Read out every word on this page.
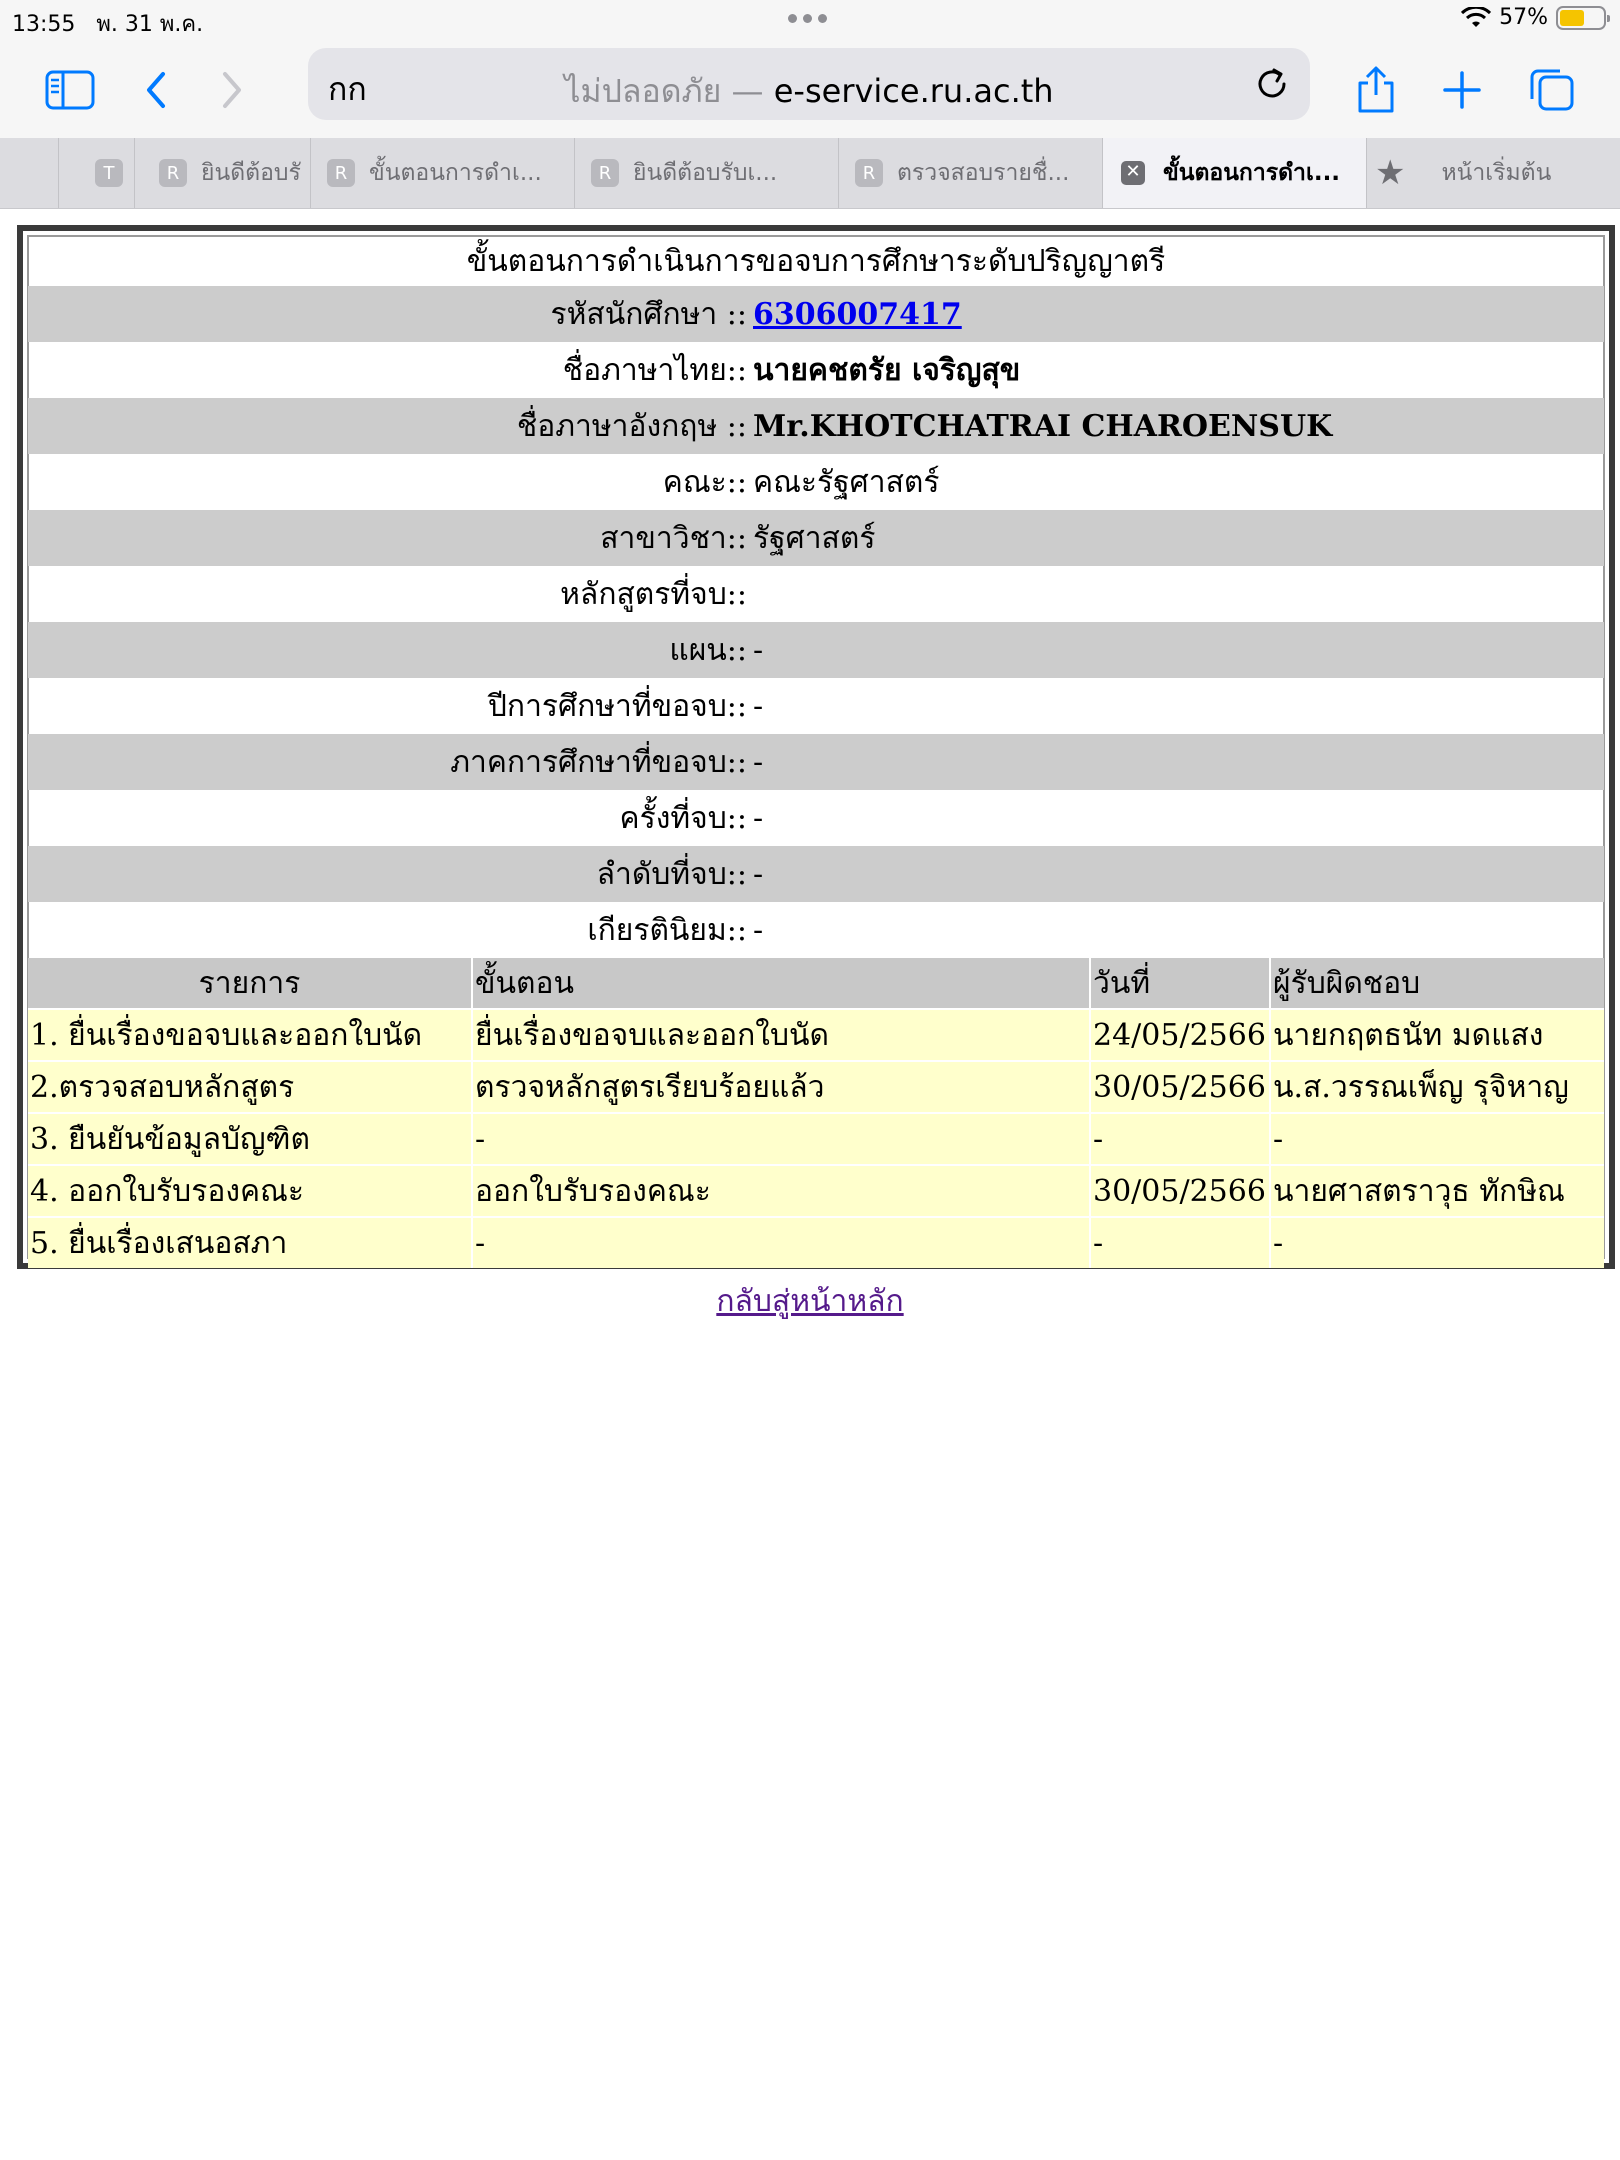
13:55 พ. 31 พ.ค.	57%
กก	ไม่ปลอดภัย — e-service.ru.ac.th
T	R ยินดีต้อบรั	R ขั้นตอนการดำเ...	R ยินดีต้อบรับเ...	R ตรวจสอบรายชื่...	✕ ขั้นตอนการดำเ... ★ หน้าเริ่มต้น
ขั้นตอนการดำเนินการขอจบการศึกษาระดับปริญญาตรี
รหัสนักศึกษา :: 6306007417
ชื่อภาษาไทย:: นายคชตรัย เจริญสุข
ชื่อภาษาอังกฤษ :: Mr.KHOTCHATRAI CHAROENSUK
คณะ:: คณะรัฐศาสตร์
สาขาวิชา:: รัฐศาสตร์
หลักสูตรที่จบ::
แผน:: -
ปีการศึกษาที่ขอจบ:: -
ภาคการศึกษาที่ขอจบ:: -
ครั้งที่จบ:: -
ลำดับที่จบ:: -
เกียรตินิยม:: -
รายการ	ขั้นตอน	วันที่	ผู้รับผิดชอบ
1. ยื่นเรื่องขอจบและออกใบนัด	ยื่นเรื่องขอจบและออกใบนัด	24/05/2566	นายกฤตธนัท มดแสง
2.ตรวจสอบหลักสูตร	ตรวจหลักสูตรเรียบร้อยแล้ว	30/05/2566	น.ส.วรรณเพ็ญ รุจิหาญ
3. ยืนยันข้อมูลบัญฑิต	-	-	-
4. ออกใบรับรองคณะ	ออกใบรับรองคณะ	30/05/2566	นายศาสตราวุธ ทักษิณ
5. ยื่นเรื่องเสนอสภา	-	-	-
กลับสู่หน้าหลัก
